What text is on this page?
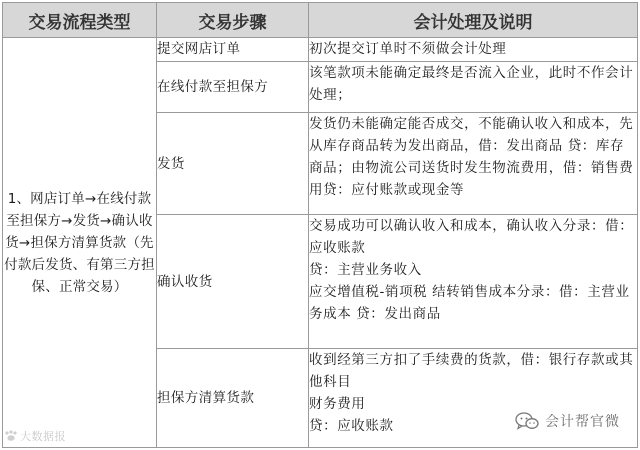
交易流程类型	交易步骤	会计处理及说明
1、网店订单→在线付款至担保方→发货→确认收货→担保方清算货款（先付款后发货、有第三方担保、正常交易）	提交网店订单	初次提交订单时不须做会计处理

	在线付款至担保方	该笔款项未能确定最终是否流入企业，此时不作会计处理；

	发货	发货仍未能确定能否成交，不能确认收入和成本，先从库存商品转为发出商品，借：发出商品 贷：库存商品；由物流公司送货时发生物流费用，借：销售费用贷：应付账款或现金等

	确认收货	交易成功可以确认收入和成本，确认收入分录：借：应收账款
贷：主营业务收入
应交增值税-销项税 结转销售成本分录：借：主营业务成本 贷：发出商品

	担保方清算货款	收到经第三方扣了手续费的货款，借：银行存款或其他科目
财务费用
贷：应收账款
大数据报
会计帮官微
